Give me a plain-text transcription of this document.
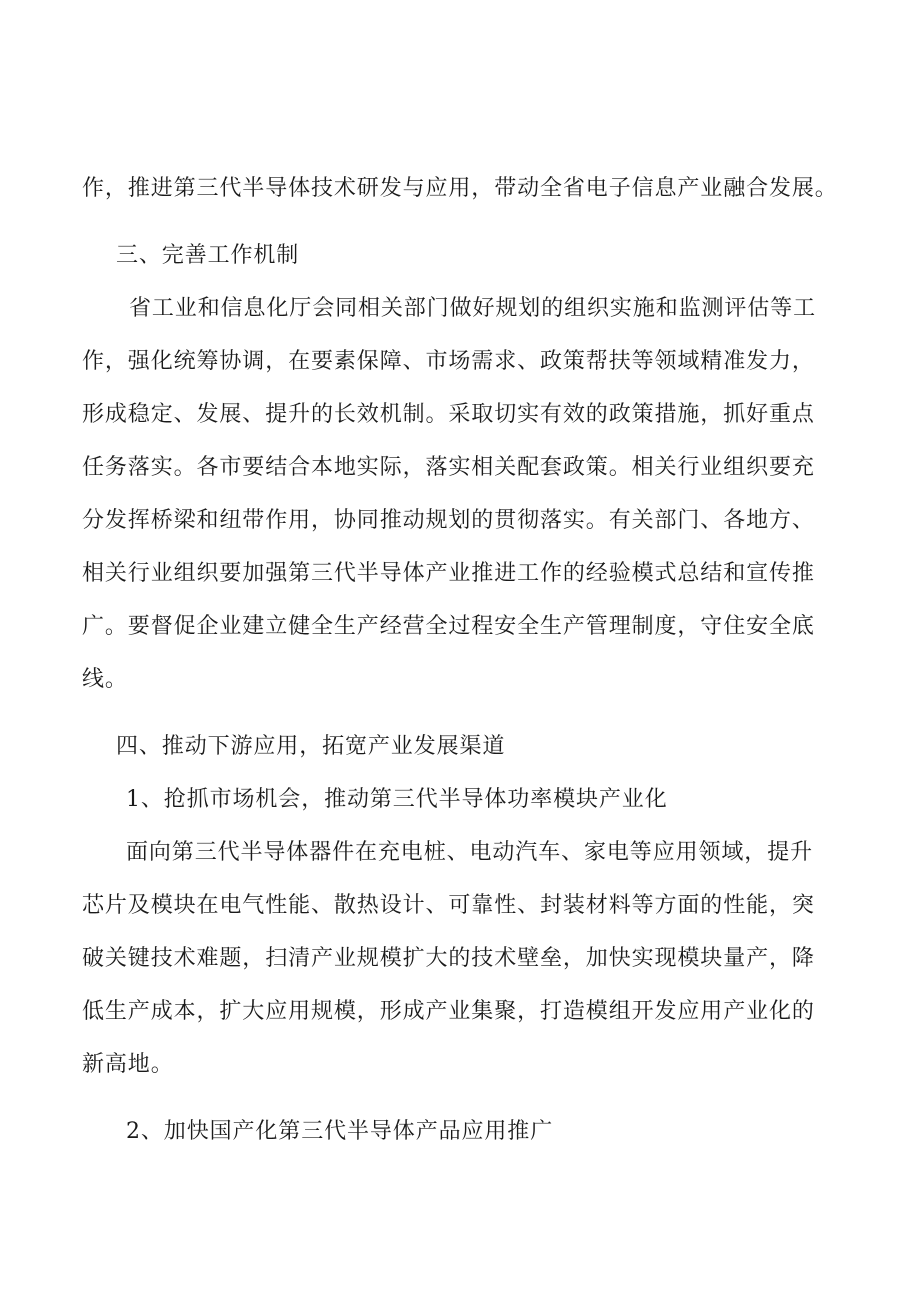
作，推进第三代半导体技术研发与应用，带动全省电子信息产业融合发展。
三、完善工作机制
省工业和信息化厅会同相关部门做好规划的组织实施和监测评估等工
作，强化统筹协调，在要素保障、市场需求、政策帮扶等领域精准发力，
形成稳定、发展、提升的长效机制。采取切实有效的政策措施，抓好重点
任务落实。各市要结合本地实际，落实相关配套政策。相关行业组织要充
分发挥桥梁和纽带作用，协同推动规划的贯彻落实。有关部门、各地方、
相关行业组织要加强第三代半导体产业推进工作的经验模式总结和宣传推
广。要督促企业建立健全生产经营全过程安全生产管理制度，守住安全底
线。
四、推动下游应用，拓宽产业发展渠道
1、抢抓市场机会，推动第三代半导体功率模块产业化
面向第三代半导体器件在充电桩、电动汽车、家电等应用领域，提升
芯片及模块在电气性能、散热设计、可靠性、封装材料等方面的性能，突
破关键技术难题，扫清产业规模扩大的技术壁垒，加快实现模块量产，降
低生产成本，扩大应用规模，形成产业集聚，打造模组开发应用产业化的
新高地。
2、加快国产化第三代半导体产品应用推广
